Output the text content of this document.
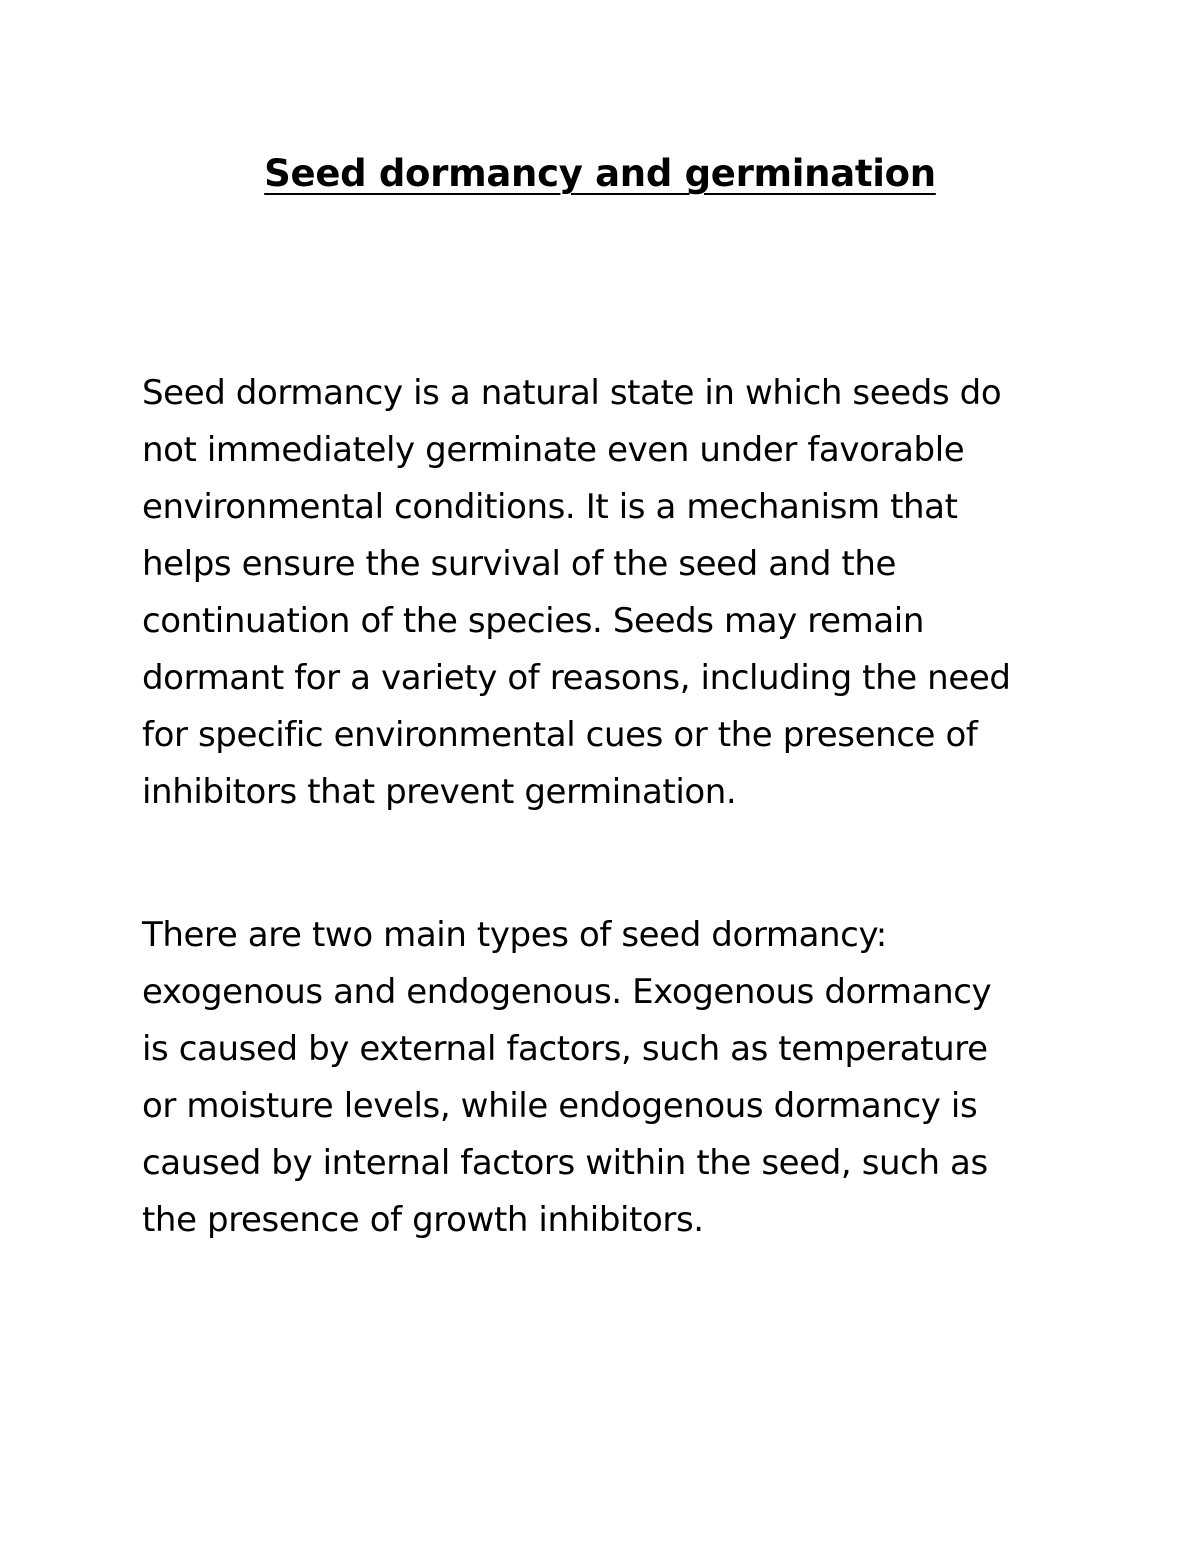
Seed dormancy and germination

Seed dormancy is a natural state in which seeds do
not immediately germinate even under favorable
environmental conditions. It is a mechanism that
helps ensure the survival of the seed and the
continuation of the species. Seeds may remain
dormant for a variety of reasons, including the need
for specific environmental cues or the presence of
inhibitors that prevent germination.

There are two main types of seed dormancy:
exogenous and endogenous. Exogenous dormancy
is caused by external factors, such as temperature
or moisture levels, while endogenous dormancy is
caused by internal factors within the seed, such as
the presence of growth inhibitors.
